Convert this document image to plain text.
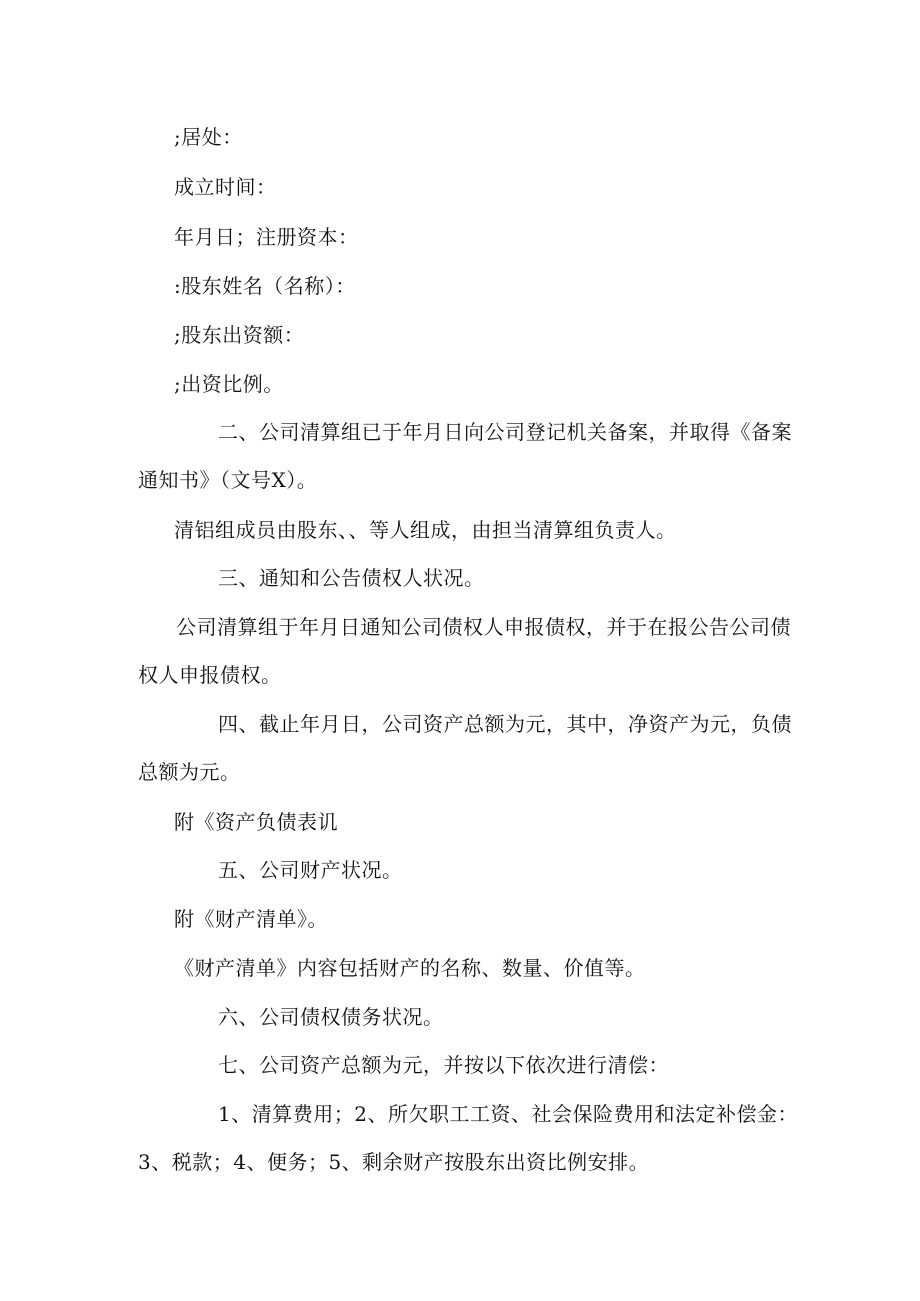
;居处：
成立时间：
年月日；注册资本：
:股东姓名（名称）：
;股东出资额：
;出资比例。
二、公司清算组已于年月日向公司登记机关备案，并取得《备案
通知书》（文号X）。
清铝组成员由股东、、等人组成，由担当清算组负责人。
三、通知和公告债权人状况。
公司清算组于年月日通知公司债权人申报债权，并于在报公告公司债
权人申报债权。
四、截止年月日，公司资产总额为元，其中，净资产为元，负债
总额为元。
附《资产负债表讥
五、公司财产状况。
附《财产清单》。
《财产清单》内容包括财产的名称、数量、价值等。
六、公司债权债务状况。
七、公司资产总额为元，并按以下依次进行清偿：
1、清算费用；2、所欠职工工资、社会保险费用和法定补偿金：
3、税款；4、便务；5、剩余财产按股东出资比例安排。
